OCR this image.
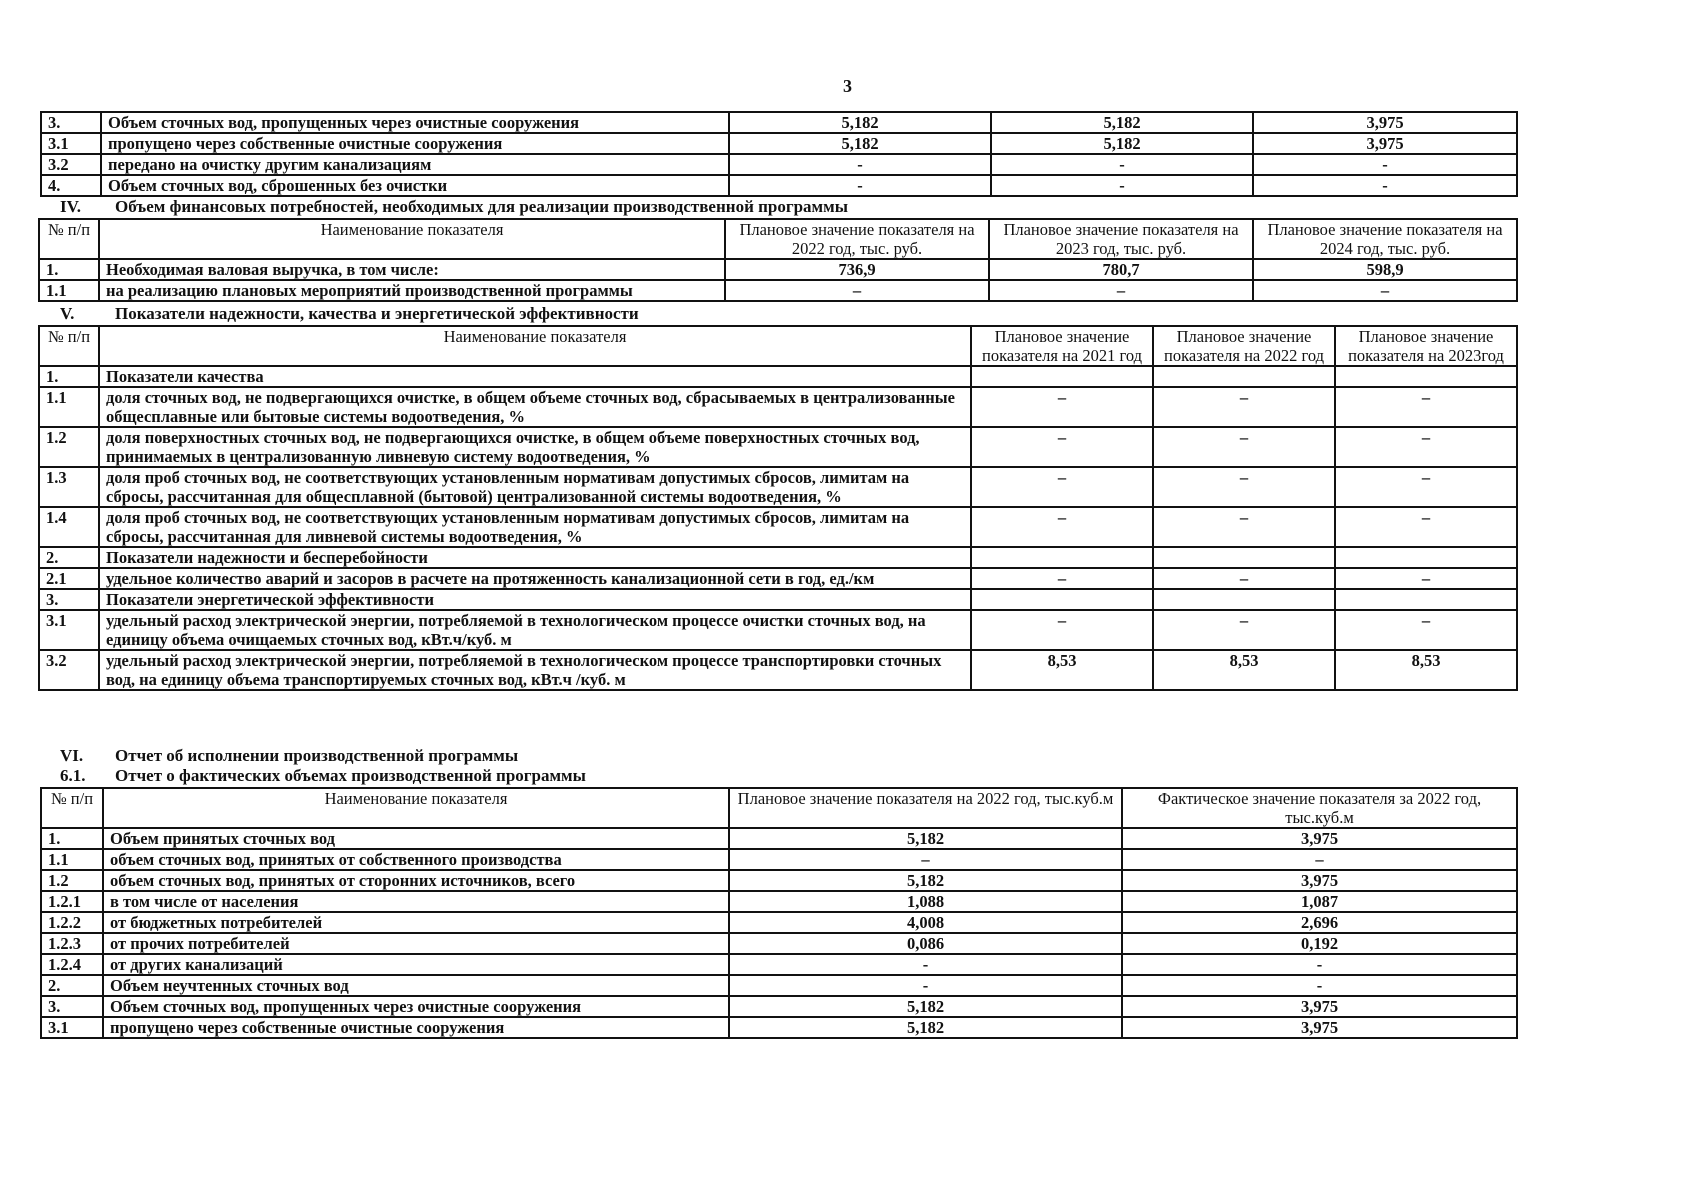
3
3.	Объем сточных вод, пропущенных через очистные сооружения	5,182	5,182	3,975
3.1	пропущено через собственные очистные сооружения	5,182	5,182	3,975
3.2	передано на очистку другим канализациям	-	-	-
4.	Объем сточных вод, сброшенных без очистки	-	-	-
IV. Объем финансовых потребностей, необходимых для реализации производственной программы
№ п/п	Наименование показателя	Плановое значение показателя на 2022 год, тыс. руб.	Плановое значение показателя на 2023 год, тыс. руб.	Плановое значение показателя на 2024 год, тыс. руб.
1.	Необходимая валовая выручка, в том числе:	736,9	780,7	598,9
1.1	на реализацию плановых мероприятий производственной программы	–	–	–
V. Показатели надежности, качества и энергетической эффективности
№ п/п	Наименование показателя	Плановое значение показателя на 2021 год	Плановое значение показателя на 2022 год	Плановое значение показателя на 2023год
1.	Показатели качества			
1.1	доля сточных вод, не подвергающихся очистке, в общем объеме сточных вод, сбрасываемых в централизованные общесплавные или бытовые системы водоотведения, %	–	–	–
1.2	доля поверхностных сточных вод, не подвергающихся очистке, в общем объеме поверхностных сточных вод, принимаемых в централизованную ливневую систему водоотведения, %	–	–	–
1.3	доля проб сточных вод, не соответствующих установленным нормативам допустимых сбросов, лимитам на сбросы, рассчитанная для общесплавной (бытовой) централизованной системы водоотведения, %	–	–	–
1.4	доля проб сточных вод, не соответствующих установленным нормативам допустимых сбросов, лимитам на сбросы, рассчитанная для ливневой системы водоотведения, %	–	–	–
2.	Показатели надежности и бесперебойности			
2.1	удельное количество аварий и засоров в расчете на протяженность канализационной сети в год, ед./км	–	–	–
3.	Показатели энергетической эффективности			
3.1	удельный расход электрической энергии, потребляемой в технологическом процессе очистки сточных вод, на единицу объема очищаемых сточных вод, кВт.ч/куб. м	–	–	–
3.2	удельный расход электрической энергии, потребляемой в технологическом процессе транспортировки сточных вод, на единицу объема транспортируемых сточных вод, кВт.ч /куб. м	8,53	8,53	8,53
VI. Отчет об исполнении производственной программы
6.1. Отчет о фактических объемах производственной программы
№ п/п	Наименование показателя	Плановое значение показателя на 2022 год, тыс.куб.м	Фактическое значение показателя за 2022 год, тыс.куб.м
1.	Объем принятых сточных вод	5,182	3,975
1.1	объем сточных вод, принятых от собственного производства	–	–
1.2	объем сточных вод, принятых от сторонних источников, всего	5,182	3,975
1.2.1	в том числе от населения	1,088	1,087
1.2.2	от бюджетных потребителей	4,008	2,696
1.2.3	от прочих потребителей	0,086	0,192
1.2.4	от других канализаций	-	-
2.	Объем неучтенных сточных вод	-	-
3.	Объем сточных вод, пропущенных через очистные сооружения	5,182	3,975
3.1	пропущено через собственные очистные сооружения	5,182	3,975
